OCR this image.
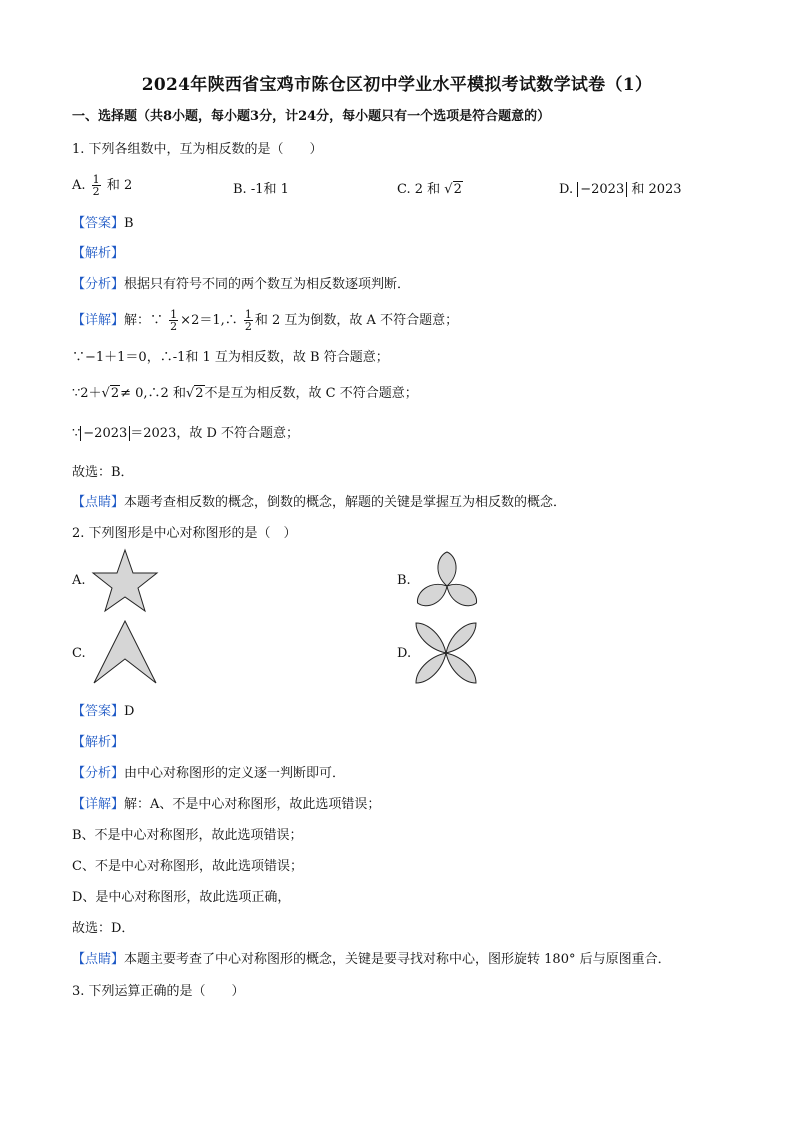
2024年陕西省宝鸡市陈仓区初中学业水平模拟考试数学试卷（1）
一、选择题（共8小题，每小题3分，计24分，每小题只有一个选项是符合题意的）
1. 下列各组数中，互为相反数的是（　　）
A. $\frac{1}{2}$ 和 2	B. -1和 1	C. 2 和 √2	D. −2023 和 2023
【答案】B
【解析】
【分析】根据只有符号不同的两个数互为相反数逐项判断．
【详解】解：∵ $\frac{1}{2}$ ×2＝1,∴ $\frac{1}{2}$ 和 2 互为倒数，故 A 不符合题意；
∵−1＋1＝0，∴-1和 1 互为相反数，故 B 符合题意；
∵2＋√2≠ 0,∴2 和√2不是互为相反数，故 C 不符合题意；
∵ −2023 ＝2023，故 D 不符合题意；
故选：B．
【点睛】本题考查相反数的概念，倒数的概念，解题的关键是掌握互为相反数的概念．
2. 下列图形是中心对称图形的是（　）
A.	B.
C.	D.
【答案】D
【解析】
【分析】由中心对称图形的定义逐一判断即可．
【详解】解：A、不是中心对称图形，故此选项错误；
B、不是中心对称图形，故此选项错误；
C、不是中心对称图形，故此选项错误；
D、是中心对称图形，故此选项正确，
故选：D．
【点睛】本题主要考查了中心对称图形的概念，关键是要寻找对称中心，图形旋转 180° 后与原图重合．
3. 下列运算正确的是（　　）
